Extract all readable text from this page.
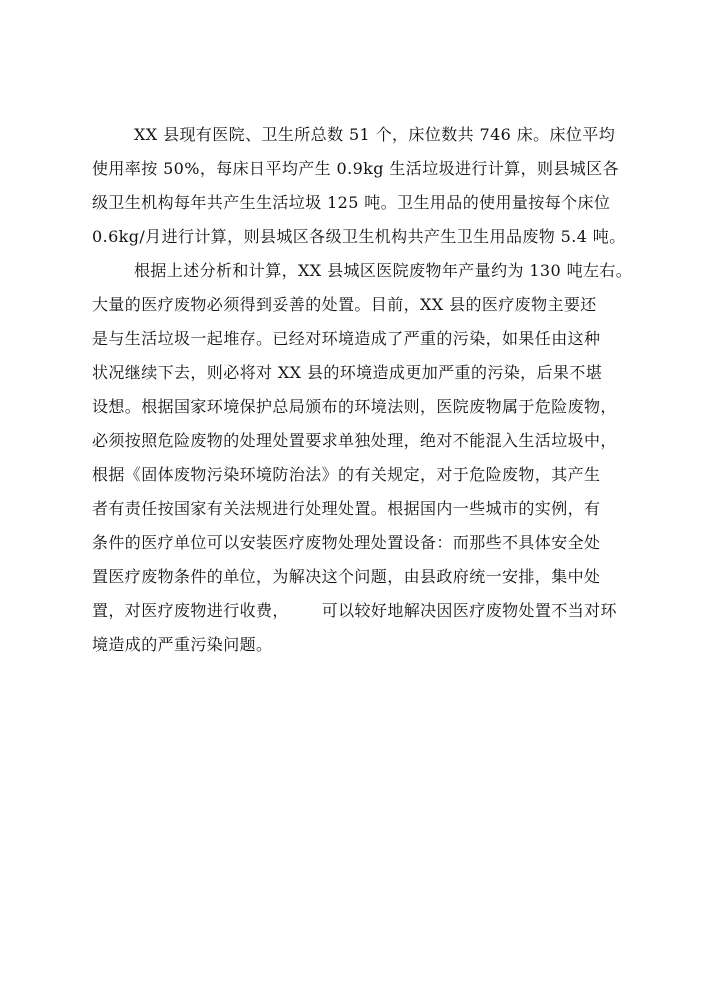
XX 县现有医院、卫生所总数 51 个，床位数共 746 床。床位平均
使用率按 50%，每床日平均产生 0.9kg 生活垃圾进行计算，则县城区各
级卫生机构每年共产生生活垃圾 125 吨。卫生用品的使用量按每个床位
0.6kg/月进行计算，则县城区各级卫生机构共产生卫生用品废物 5.4 吨。
根据上述分析和计算，XX 县城区医院废物年产量约为 130 吨左右。
大量的医疗废物必须得到妥善的处置。目前，XX 县的医疗废物主要还
是与生活垃圾一起堆存。已经对环境造成了严重的污染，如果任由这种
状况继续下去，则必将对 XX 县的环境造成更加严重的污染，后果不堪
设想。根据国家环境保护总局颁布的环境法则，医院废物属于危险废物，
必须按照危险废物的处理处置要求单独处理，绝对不能混入生活垃圾中，
根据《固体废物污染环境防治法》的有关规定，对于危险废物，其产生
者有责任按国家有关法规进行处理处置。根据国内一些城市的实例，有
条件的医疗单位可以安装医疗废物处理处置设备：而那些不具体安全处
置医疗废物条件的单位，为解决这个问题，由县政府统一安排，集中处
置，对医疗废物进行收费，      可以较好地解决因医疗废物处置不当对环
境造成的严重污染问题。
